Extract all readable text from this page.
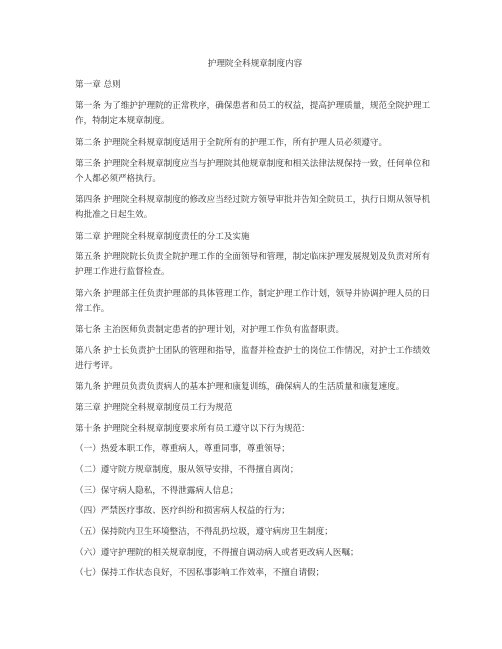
护理院全科规章制度内容

第一章 总则

第一条 为了维护护理院的正常秩序，确保患者和员工的权益，提高护理质量，规范全院护理工作，特制定本规章制度。

第二条 护理院全科规章制度适用于全院所有的护理工作，所有护理人员必须遵守。

第三条 护理院全科规章制度应当与护理院其他规章制度和相关法律法规保持一致，任何单位和个人都必须严格执行。

第四条 护理院全科规章制度的修改应当经过院方领导审批并告知全院员工，执行日期从领导机构批准之日起生效。

第二章 护理院全科规章制度责任的分工及实施

第五条 护理院院长负责全院护理工作的全面领导和管理，制定临床护理发展规划及负责对所有护理工作进行监督检查。

第六条 护理部主任负责护理部的具体管理工作，制定护理工作计划，领导并协调护理人员的日常工作。

第七条 主治医师负责制定患者的护理计划，对护理工作负有监督职责。

第八条 护士长负责护士团队的管理和指导，监督并检查护士的岗位工作情况，对护士工作绩效进行考评。

第九条 护理员负责负责病人的基本护理和康复训练，确保病人的生活质量和康复速度。

第三章 护理院全科规章制度员工行为规范

第十条 护理院全科规章制度要求所有员工遵守以下行为规范：

（一）热爱本职工作，尊重病人，尊重同事，尊重领导；

（二）遵守院方规章制度，服从领导安排，不得擅自离岗；

（三）保守病人隐私，不得泄露病人信息；

（四）严禁医疗事故、医疗纠纷和损害病人权益的行为；

（五）保持院内卫生环境整洁，不得乱扔垃圾，遵守病房卫生制度；

（六）遵守护理院的相关规章制度，不得擅自调动病人或者更改病人医嘱；

（七）保持工作状态良好，不因私事影响工作效率，不擅自请假；
